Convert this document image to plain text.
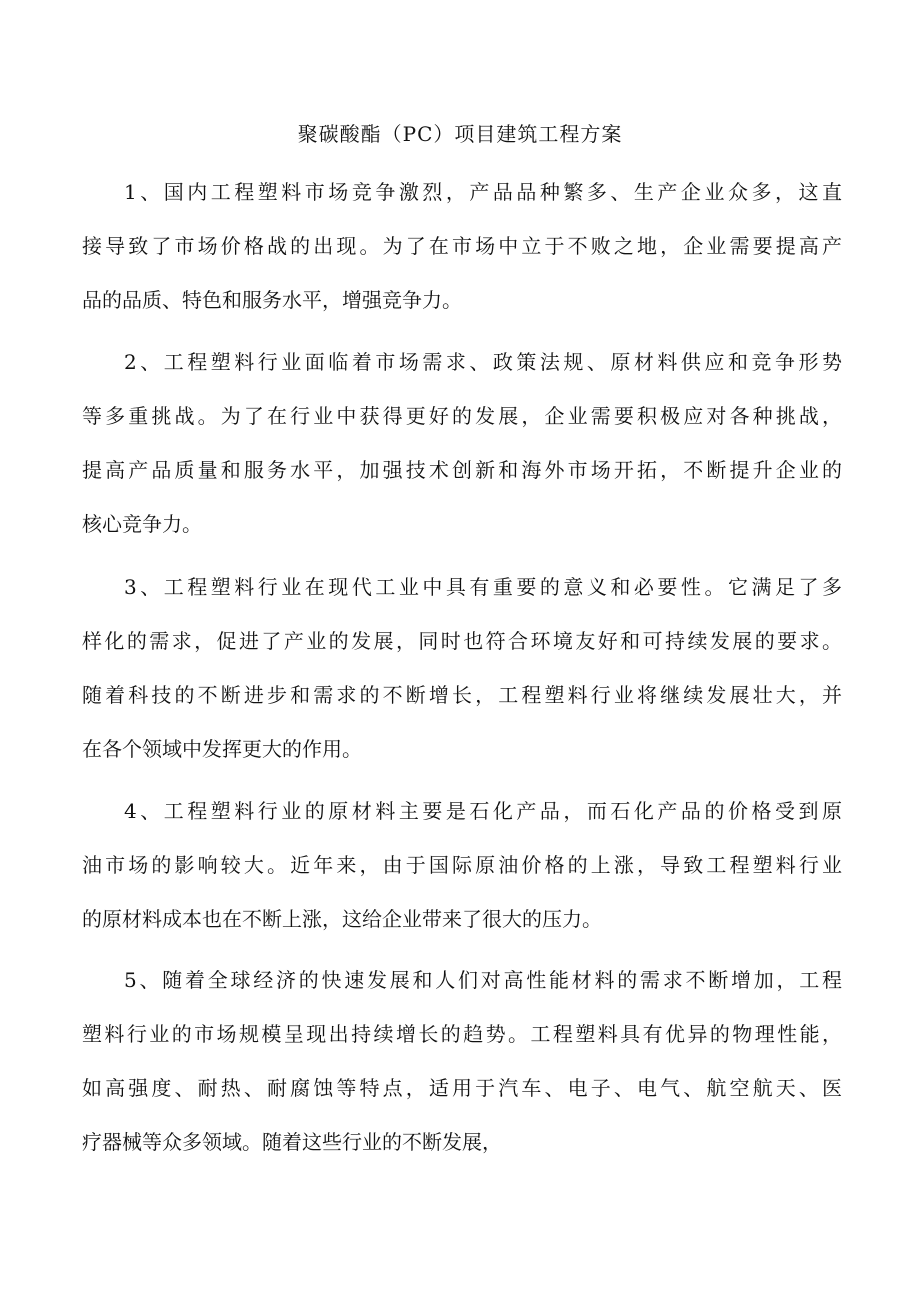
聚碳酸酯（PC）项目建筑工程方案
1、国内工程塑料市场竞争激烈，产品品种繁多、生产企业众多，这直
接导致了市场价格战的出现。为了在市场中立于不败之地，企业需要提高产
品的品质、特色和服务水平，增强竞争力。
2、工程塑料行业面临着市场需求、政策法规、原材料供应和竞争形势
等多重挑战。为了在行业中获得更好的发展，企业需要积极应对各种挑战，
提高产品质量和服务水平，加强技术创新和海外市场开拓，不断提升企业的
核心竞争力。
3、工程塑料行业在现代工业中具有重要的意义和必要性。它满足了多
样化的需求，促进了产业的发展，同时也符合环境友好和可持续发展的要求。
随着科技的不断进步和需求的不断增长，工程塑料行业将继续发展壮大，并
在各个领域中发挥更大的作用。
4、工程塑料行业的原材料主要是石化产品，而石化产品的价格受到原
油市场的影响较大。近年来，由于国际原油价格的上涨，导致工程塑料行业
的原材料成本也在不断上涨，这给企业带来了很大的压力。
5、随着全球经济的快速发展和人们对高性能材料的需求不断增加，工程
塑料行业的市场规模呈现出持续增长的趋势。工程塑料具有优异的物理性能，
如高强度、耐热、耐腐蚀等特点，适用于汽车、电子、电气、航空航天、医
疗器械等众多领域。随着这些行业的不断发展，
